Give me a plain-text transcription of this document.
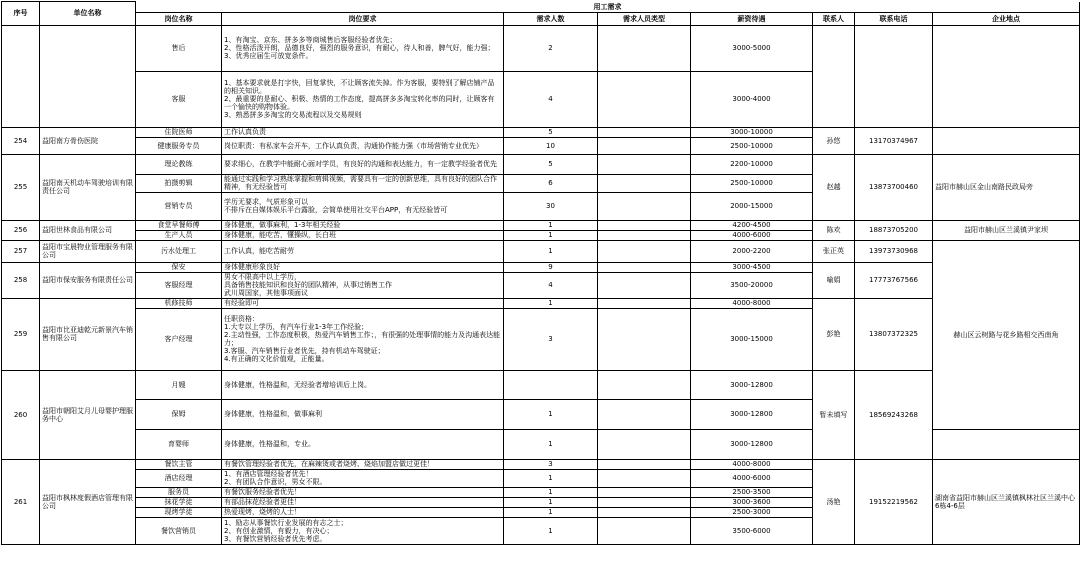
序号	单位名称	用工需求								
		岗位名称	岗位要求	需求人数	需求人员类型	薪资待遇	联系人	联系电话	企业地点	
		售后	1、有淘宝、京东、拼多多等商城售后客服经验者优先；
2、性格活泼开朗，品德良好，强烈的服务意识，有耐心，待人和善，脾气好，能力强；
3、优秀应届生可放宽条件。	2		3000-5000				
		客服	1、基本要求就是打字快，回复掌快，不让顾客流失掉。作为客服，要特别了解店铺产品的相关知识。
2、最重要的是耐心、积极、热情的工作态度，提高拼多多淘宝转化率的同时，让顾客有一个愉快的购物体验。
3、熟悉拼多多淘宝的交易流程以及交易规则	4		3000-4000				
254	益阳南方骨伤医院	住院医师	工作认真负责	5		3000-10000	孙悠	13170374967		
		健康服务专员	岗位职责：有私家车会开车，工作认真负责，沟通协作能力强（市场营销专业优先）	10		2500-10000				
255	益阳南天机动车驾驶培训有限责任公司	理论教练	要求细心，在教学中能耐心面对学员，有良好的沟通和表达能力，有一定教学经验者优先	5		2200-10000	赵越	13873700460	益阳市赫山区金山南路民政局旁	
		拍摄剪辑	能通过实践和学习熟练掌握和剪辑视频，需要具有一定的创新思维，具有良好的团队合作精神，有无经验皆可	6		2500-10000				
		营销专员	学历无要求，气质形象可以
不排斥在自媒体娱乐平台露脸，会简单使用社交平台APP，有无经验皆可	30		2000-15000				
256	益阳世林食品有限公司	食堂早餐师傅	身体健康，做事麻利，1-3年相关经验	1		4200-4500	陈欢	18873705200	益阳市赫山区兰溪镇尹家坝	
		生产人员	身体健康，能吃苦，懂操纵，长白班	1		4000-6000				
257	益阳市宝晨物业管理服务有限公司	污水处理工	工作认真，能吃苦耐劳	1		2000-2200	张正英	13973730968	赫山区云树路与花乡路相交西南角	
258	益阳市保安服务有限责任公司	保安	身体健康形象良好	9		3000-4500	喻娟	17773767566		
		客服经理	男女不限高中以上学历，
具备销售技能知识和良好的团队精神，从事过销售工作
武川周国家，其他事项面议	4		3500-20000				
259	益阳市比亚迪乾元新景汽车销售有限公司	机修技师	有经验即可	1		4000-8000	彭艳	13807372325		
		客户经理	任职资格：
1.大专以上学历，有汽车行业1-3年工作经验；
2.主动性强，工作态度积极，热爱汽车销售工作；，有很强的处理事情的能力及沟通表达能力；
3.客服、汽车销售行业者优先，持有机动车驾驶证；
4.有正确的文化价值观，正能量。	3		3000-15000				
260	益阳市朝阳艾月儿母婴护理服务中心	月嫂	身体健康，性格温和，无经验者增培训后上岗。			3000-12800	暂未填写	18569243268	
		保姆	身体健康，性格温和，做事麻利	1		3000-12800				
		育婴师	身体健康，性格温和，专业。	1		3000-12800				
261	益阳市枫林度假酒店管理有限公司	餐饮主管	有餐饮管理经验者优先，在麻辣烫或者烧烤、烧焰加盟店做过更佳！	3		4000-8000	汤艳	19152219562	湖南省益阳市赫山区兰溪镇枫林社区兰溪中心6栋4-6层	
		酒店经理	1、有酒店管理经验者优先！
2、有团队合作意识，男女不限。	1		4000-6000				
		服务员	有餐饮服务经验者优先！	1		2500-3500				
		抹花学徒	有部品抹花经验者更佳！	1		3000-3600				
		现烤学徒	热爱现烤，烧烤的人士！	1		2500-3000				
		餐饮营销员	1、励志从事餐饮行业发展的有志之士；
2、有创业激情，有毅力，有决心；
3、有餐饮营销经验者优先考虑。	1		3500-6000				
